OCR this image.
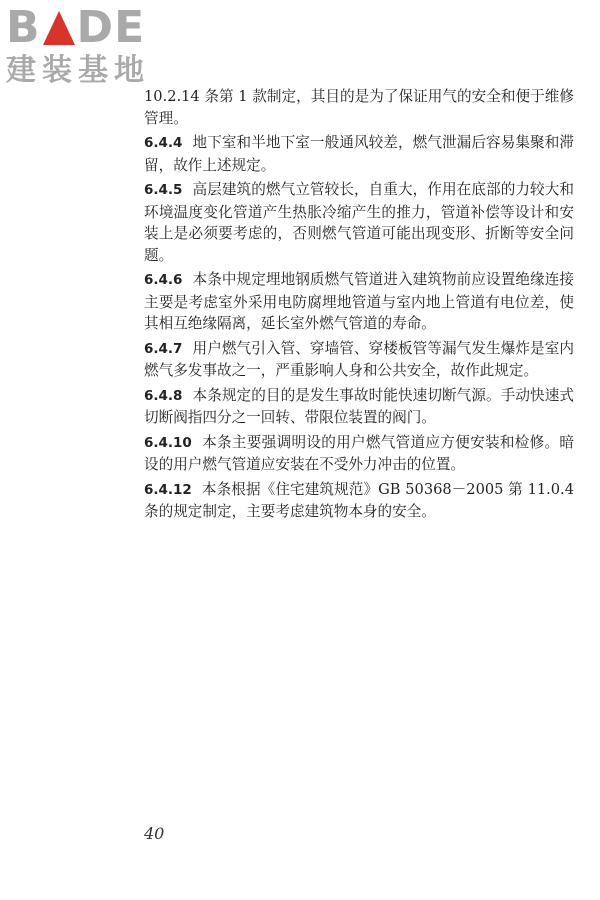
B DE
建装基地

10.2.14 条第 1 款制定，其目的是为了保证用气的安全和便于维修管理。

6.4.4 地下室和半地下室一般通风较差，燃气泄漏后容易集聚和滞留，故作上述规定。

6.4.5 高层建筑的燃气立管较长，自重大，作用在底部的力较大和环境温度变化管道产生热胀冷缩产生的推力，管道补偿等设计和安装上是必须要考虑的，否则燃气管道可能出现变形、折断等安全问题。

6.4.6 本条中规定埋地钢质燃气管道进入建筑物前应设置绝缘连接主要是考虑室外采用电防腐埋地管道与室内地上管道有电位差，使其相互绝缘隔离，延长室外燃气管道的寿命。

6.4.7 用户燃气引入管、穿墙管、穿楼板管等漏气发生爆炸是室内燃气多发事故之一，严重影响人身和公共安全，故作此规定。

6.4.8 本条规定的目的是发生事故时能快速切断气源。手动快速式切断阀指四分之一回转、带限位装置的阀门。

6.4.10 本条主要强调明设的用户燃气管道应方便安装和检修。暗设的用户燃气管道应安装在不受外力冲击的位置。

6.4.12 本条根据《住宅建筑规范》GB 50368－2005 第 11.0.4 条的规定制定，主要考虑建筑物本身的安全。

40
